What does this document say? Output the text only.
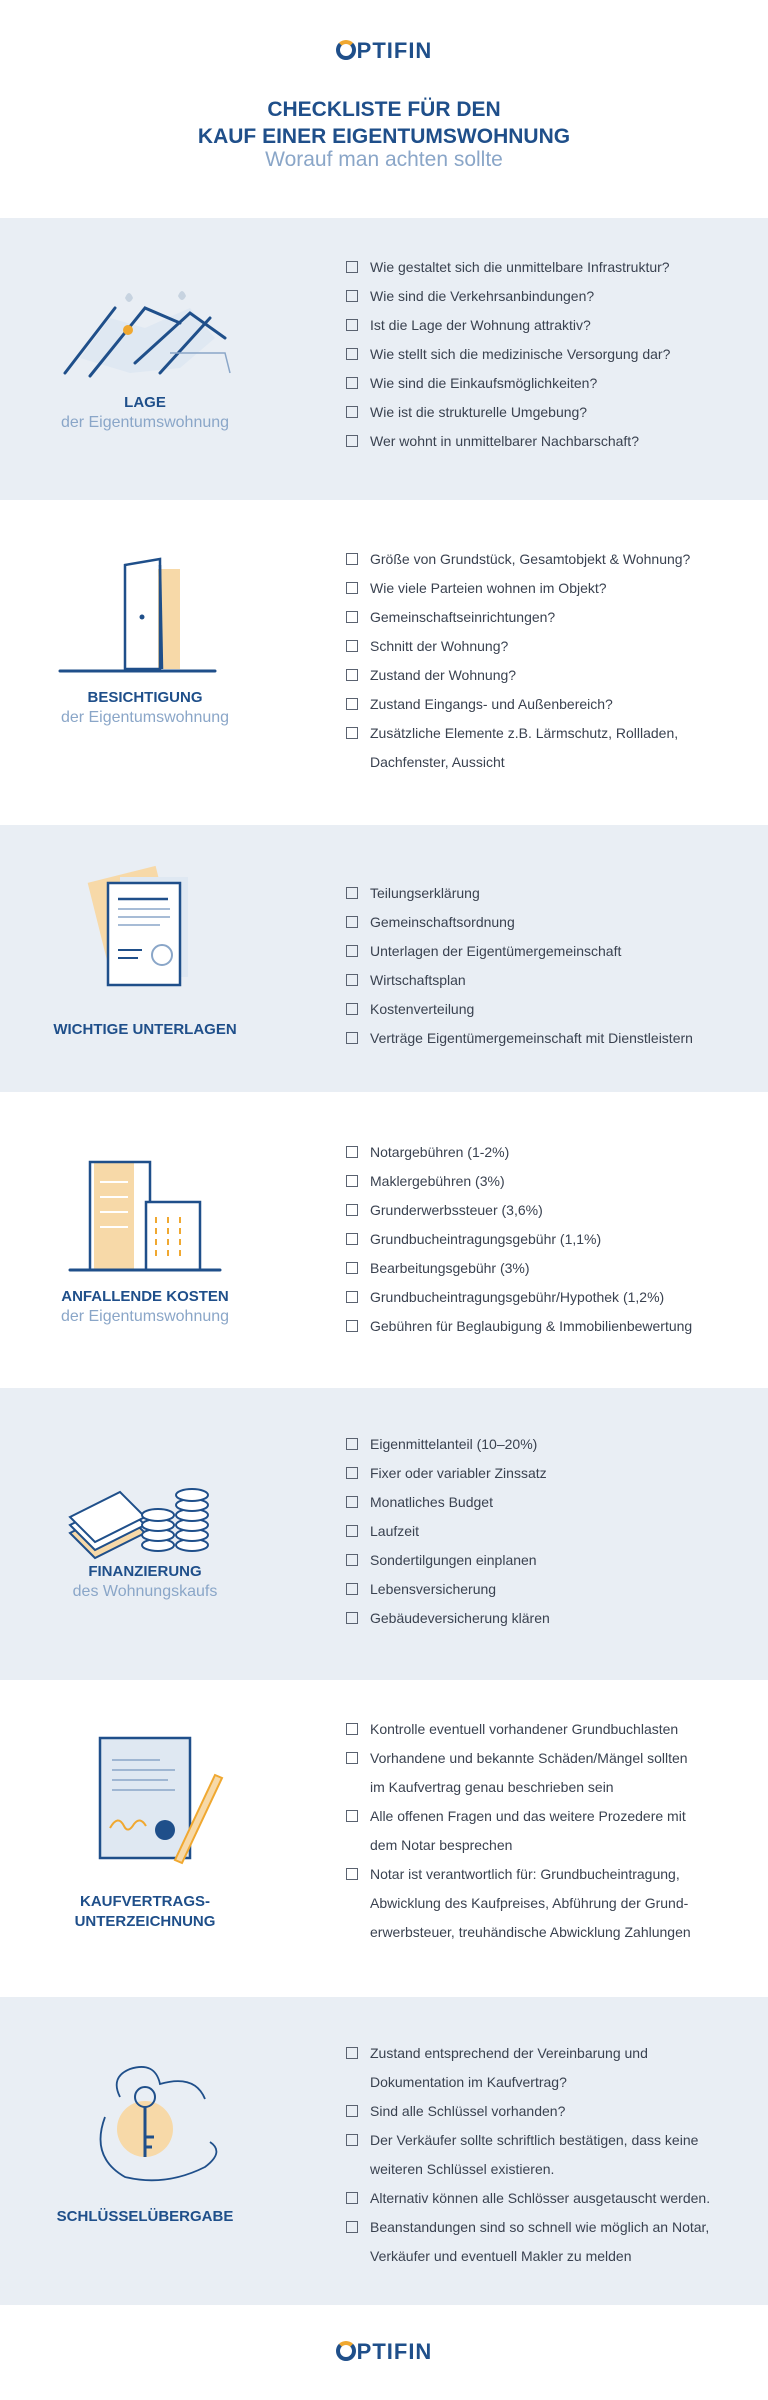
PTIFIN
CHECKLISTE FÜR DEN
KAUF EINER EIGENTUMSWOHNUNG
Worauf man achten sollte
LAGE
der Eigentumswohnung
Wie gestaltet sich die unmittelbare Infrastruktur?
Wie sind die Verkehrsanbindungen?
Ist die Lage der Wohnung attraktiv?
Wie stellt sich die medizinische Versorgung dar?
Wie sind die Einkaufsmöglichkeiten?
Wie ist die strukturelle Umgebung?
Wer wohnt in unmittelbarer Nachbarschaft?
BESICHTIGUNG
der Eigentumswohnung
Größe von Grundstück, Gesamtobjekt & Wohnung?
Wie viele Parteien wohnen im Objekt?
Gemeinschaftseinrichtungen?
Schnitt der Wohnung?
Zustand der Wohnung?
Zustand Eingangs- und Außenbereich?
Zusätzliche Elemente z.B. Lärmschutz, Rollladen,
Dachfenster, Aussicht
WICHTIGE UNTERLAGEN
Teilungserklärung
Gemeinschaftsordnung
Unterlagen der Eigentümergemeinschaft
Wirtschaftsplan
Kostenverteilung
Verträge Eigentümergemeinschaft mit Dienstleistern
ANFALLENDE KOSTEN
der Eigentumswohnung
Notargebühren (1-2%)
Maklergebühren (3%)
Grunderwerbssteuer (3,6%)
Grundbucheintragungsgebühr (1,1%)
Bearbeitungsgebühr (3%)
Grundbucheintragungsgebühr/Hypothek (1,2%)
Gebühren für Beglaubigung & Immobilienbewertung
FINANZIERUNG
des Wohnungskaufs
Eigenmittelanteil (10–20%)
Fixer oder variabler Zinssatz
Monatliches Budget
Laufzeit
Sondertilgungen einplanen
Lebensversicherung
Gebäudeversicherung klären
KAUFVERTRAGS-
UNTERZEICHNUNG
Kontrolle eventuell vorhandener Grundbuchlasten
Vorhandene und bekannte Schäden/Mängel sollten
im Kaufvertrag genau beschrieben sein
Alle offenen Fragen und das weitere Prozedere mit
dem Notar besprechen
Notar ist verantwortlich für: Grundbucheintragung,
Abwicklung des Kaufpreises, Abführung der Grund-
erwerbsteuer, treuhändische Abwicklung Zahlungen
SCHLÜSSELÜBERGABE
Zustand entsprechend der Vereinbarung und
Dokumentation im Kaufvertrag?
Sind alle Schlüssel vorhanden?
Der Verkäufer sollte schriftlich bestätigen, dass keine
weiteren Schlüssel existieren.
Alternativ können alle Schlösser ausgetauscht werden.
Beanstandungen sind so schnell wie möglich an Notar,
Verkäufer und eventuell Makler zu melden
PTIFIN
